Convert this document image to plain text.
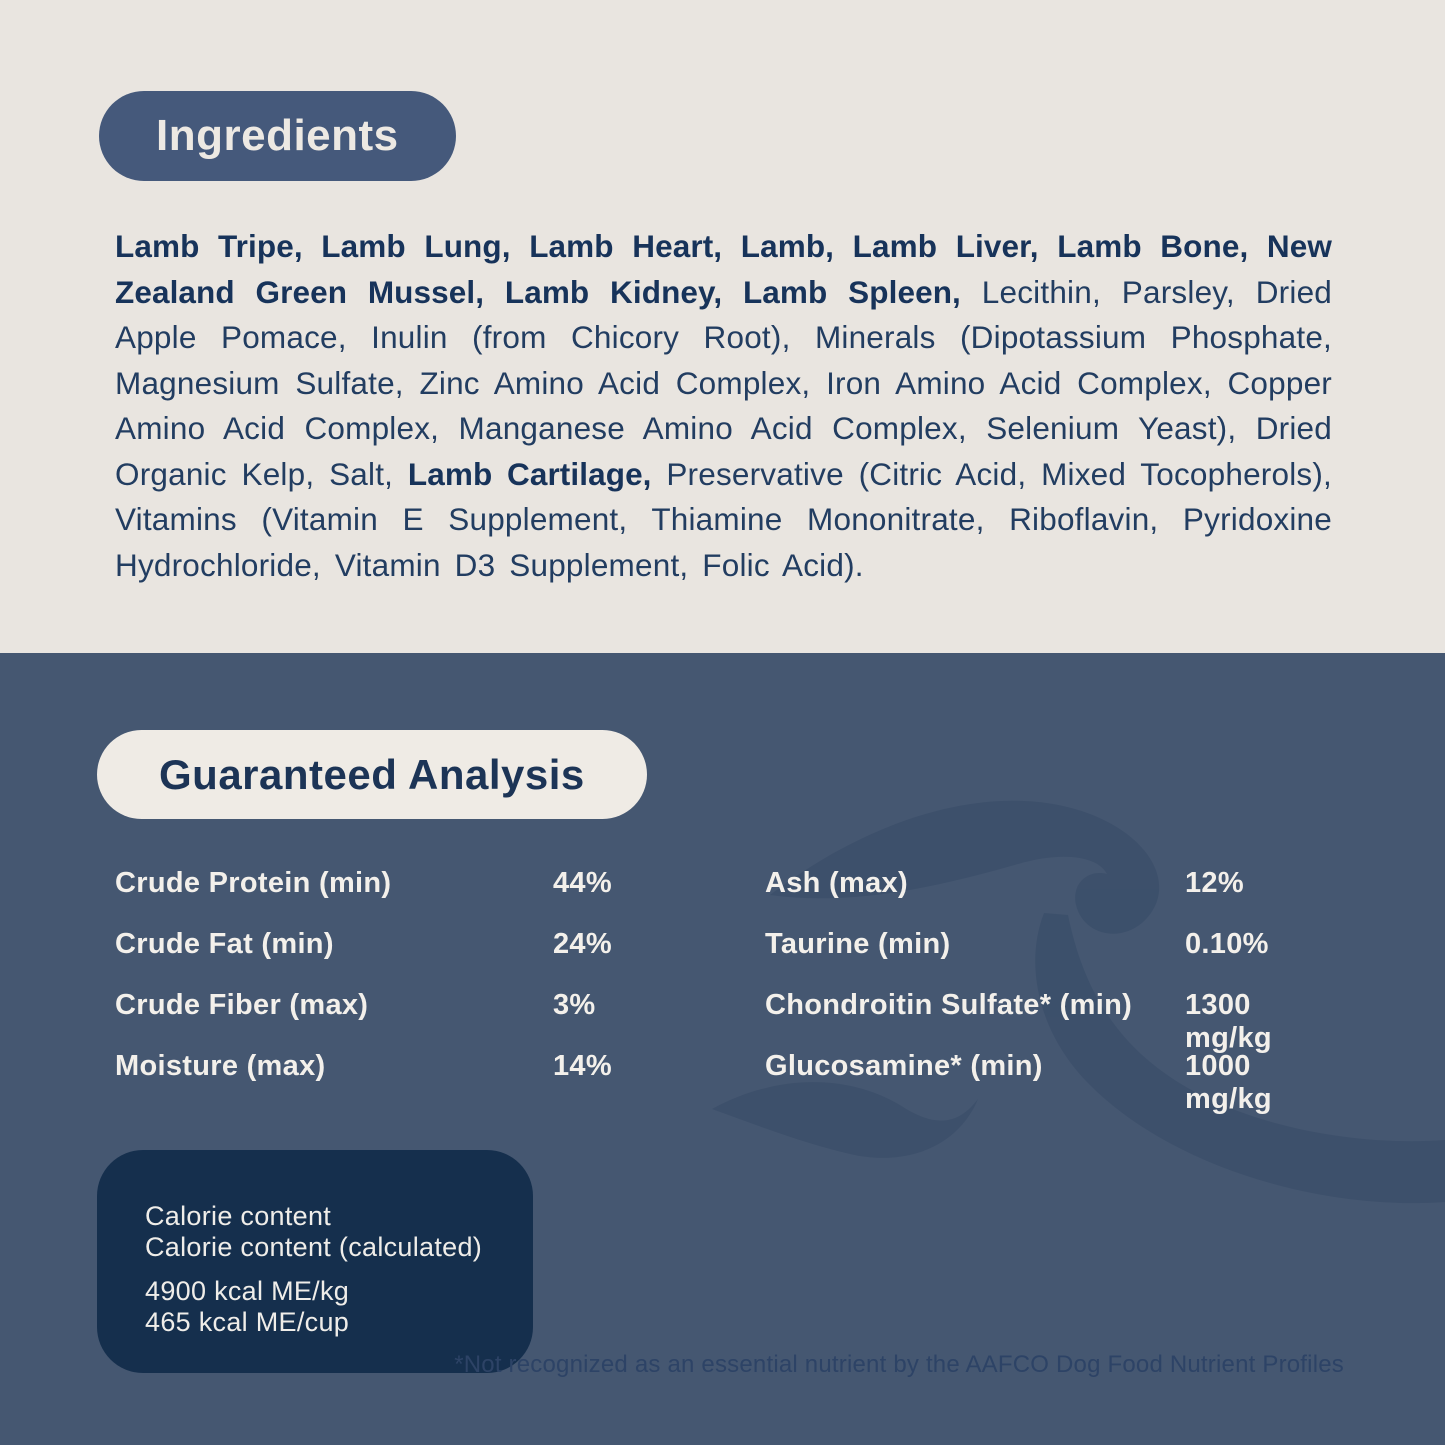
Ingredients

Lamb Tripe, Lamb Lung, Lamb Heart, Lamb, Lamb Liver, Lamb Bone, New Zealand Green Mussel, Lamb Kidney, Lamb Spleen, Lecithin, Parsley, Dried Apple Pomace, Inulin (from Chicory Root), Minerals (Dipotassium Phosphate, Magnesium Sulfate, Zinc Amino Acid Complex, Iron Amino Acid Complex, Copper Amino Acid Complex, Manganese Amino Acid Complex, Selenium Yeast), Dried Organic Kelp, Salt, Lamb Cartilage, Preservative (Citric Acid, Mixed Tocopherols), Vitamins (Vitamin E Supplement, Thiamine Mononitrate, Riboflavin, Pyridoxine Hydrochloride, Vitamin D3 Supplement, Folic Acid).

Guaranteed Analysis
Crude Protein (min)	44%	Ash (max)	12%
Crude Fat (min)	24%	Taurine (min)	0.10%
Crude Fiber (max)	3%	Chondroitin Sulfate* (min)	1300 mg/kg
Moisture (max)	14%	Glucosamine* (min)	1000 mg/kg
Calorie content
Calorie content (calculated)
4900 kcal ME/kg
465 kcal ME/cup
*Not recognized as an essential nutrient by the AAFCO Dog Food Nutrient Profiles
